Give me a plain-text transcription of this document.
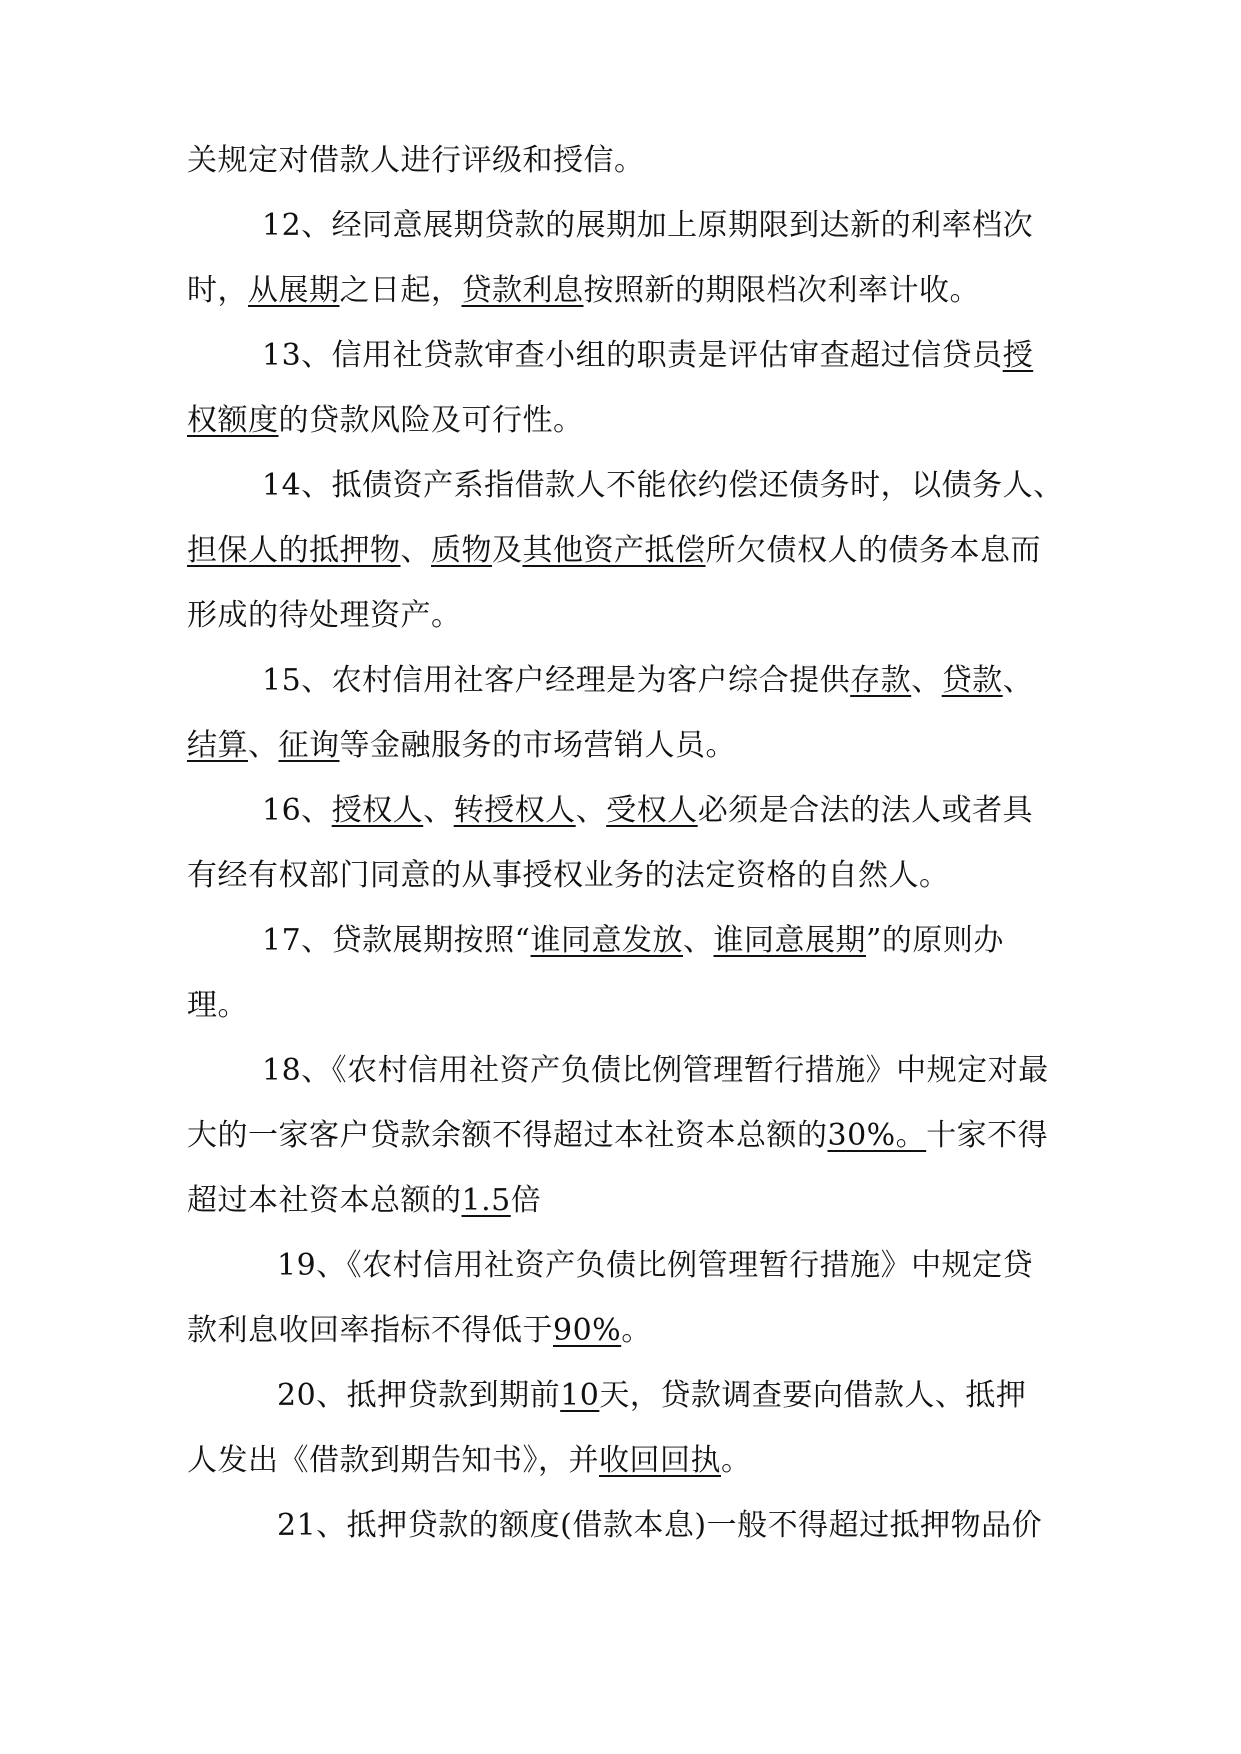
关规定对借款人进行评级和授信。
12、经同意展期贷款的展期加上原期限到达新的利率档次
时，从展期之日起，贷款利息按照新的期限档次利率计收。
13、信用社贷款审查小组的职责是评估审查超过信贷员授
权额度的贷款风险及可行性。
14、抵债资产系指借款人不能依约偿还债务时，以债务人、
担保人的抵押物、质物及其他资产抵偿所欠债权人的债务本息而
形成的待处理资产。
15、农村信用社客户经理是为客户综合提供存款、贷款、
结算、征询等金融服务的市场营销人员。
16、授权人、转授权人、受权人必须是合法的法人或者具
有经有权部门同意的从事授权业务的法定资格的自然人。
17、贷款展期按照“谁同意发放、谁同意展期”的原则办
理。
18、《农村信用社资产负债比例管理暂行措施》中规定对最
大的一家客户贷款余额不得超过本社资本总额的30%。十家不得
超过本社资本总额的1.5倍
19、《农村信用社资产负债比例管理暂行措施》中规定贷
款利息收回率指标不得低于90%。
20、抵押贷款到期前10天，贷款调查要向借款人、抵押
人发出《借款到期告知书》，并收回回执。
21、抵押贷款的额度(借款本息)一般不得超过抵押物品价
